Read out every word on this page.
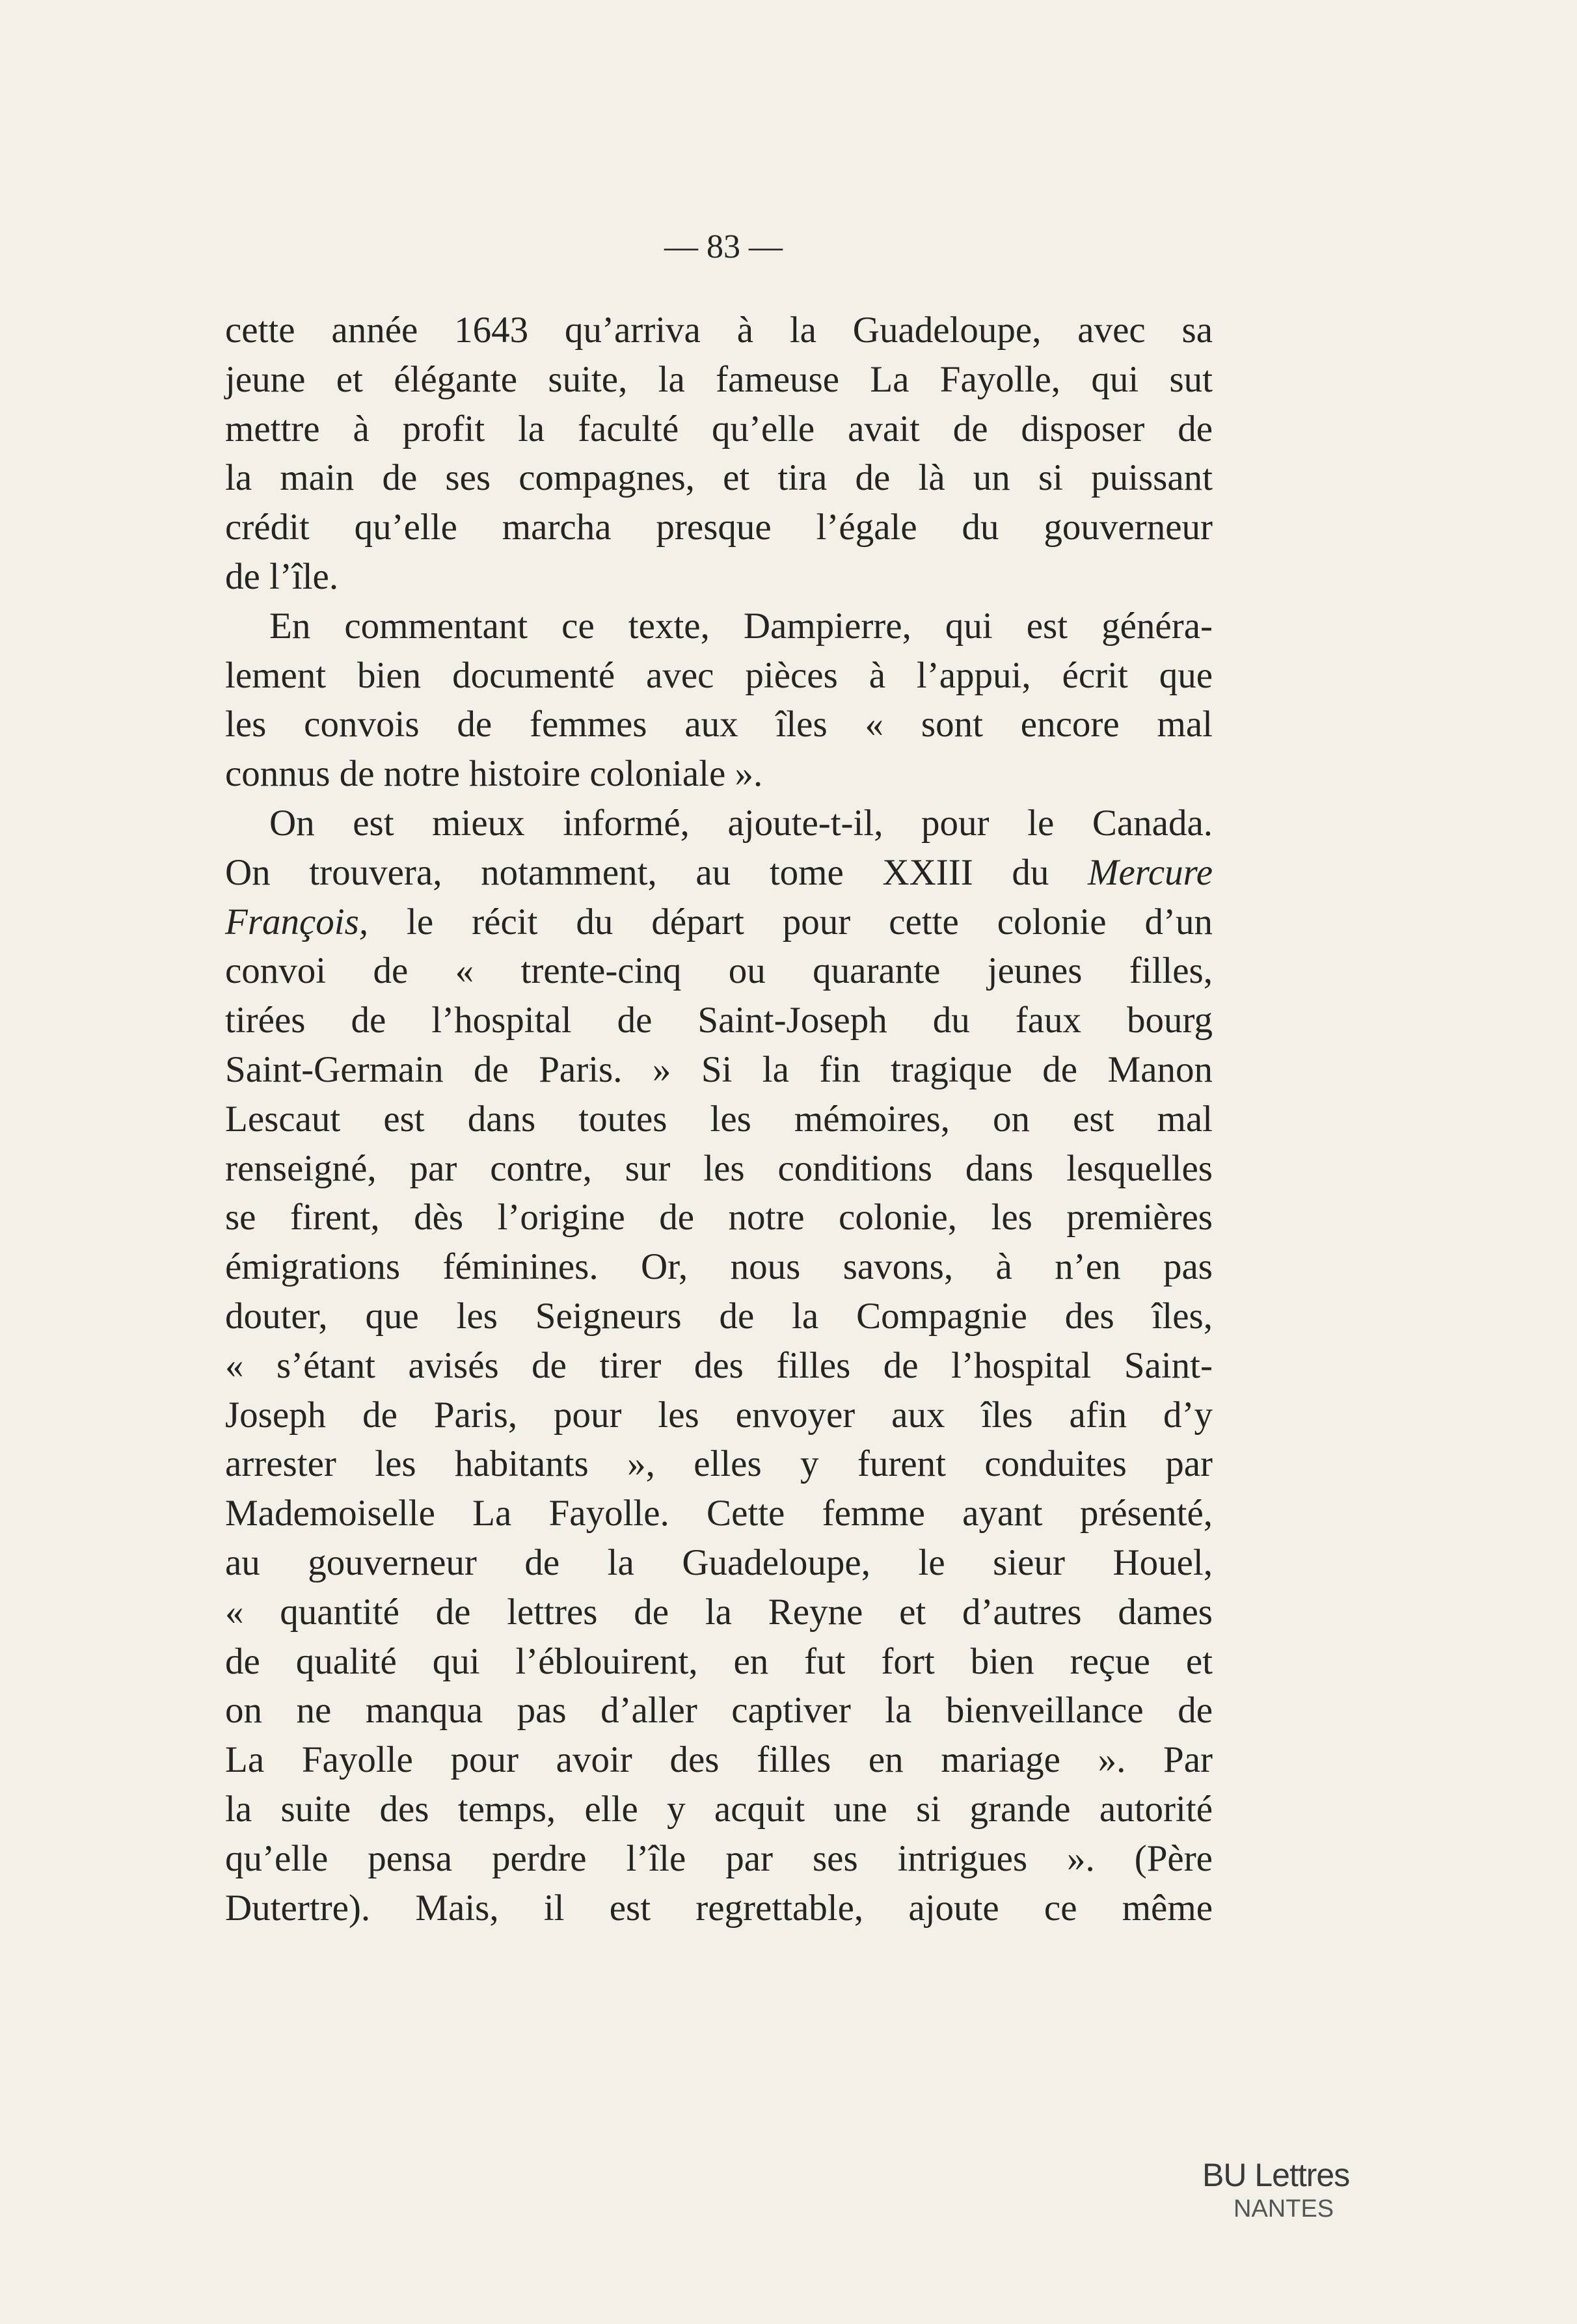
— 83 —
cette année 1643 qu’arriva à la Guadeloupe, avec sa
jeune et élégante suite, la fameuse La Fayolle, qui sut
mettre à profit la faculté qu’elle avait de disposer de
la main de ses compagnes, et tira de là un si puissant
crédit qu’elle marcha presque l’égale du gouverneur
de l’île.
En commentant ce texte, Dampierre, qui est généra-
lement bien documenté avec pièces à l’appui, écrit que
les convois de femmes aux îles « sont encore mal
connus de notre histoire coloniale ».
On est mieux informé, ajoute-t-il, pour le Canada.
On trouvera, notamment, au tome XXIII du Mercure
François, le récit du départ pour cette colonie d’un
convoi de « trente-cinq ou quarante jeunes filles,
tirées de l’hospital de Saint-Joseph du faux bourg
Saint-Germain de Paris. » Si la fin tragique de Manon
Lescaut est dans toutes les mémoires, on est mal
renseigné, par contre, sur les conditions dans lesquelles
se firent, dès l’origine de notre colonie, les premières
émigrations féminines. Or, nous savons, à n’en pas
douter, que les Seigneurs de la Compagnie des îles,
« s’étant avisés de tirer des filles de l’hospital Saint-
Joseph de Paris, pour les envoyer aux îles afin d’y
arrester les habitants », elles y furent conduites par
Mademoiselle La Fayolle. Cette femme ayant présenté,
au gouverneur de la Guadeloupe, le sieur Houel,
« quantité de lettres de la Reyne et d’autres dames
de qualité qui l’éblouirent, en fut fort bien reçue et
on ne manqua pas d’aller captiver la bienveillance de
La Fayolle pour avoir des filles en mariage ». Par
la suite des temps, elle y acquit une si grande autorité
qu’elle pensa perdre l’île par ses intrigues ». (Père
Dutertre). Mais, il est regrettable, ajoute ce même
BU Lettres
NANTES
